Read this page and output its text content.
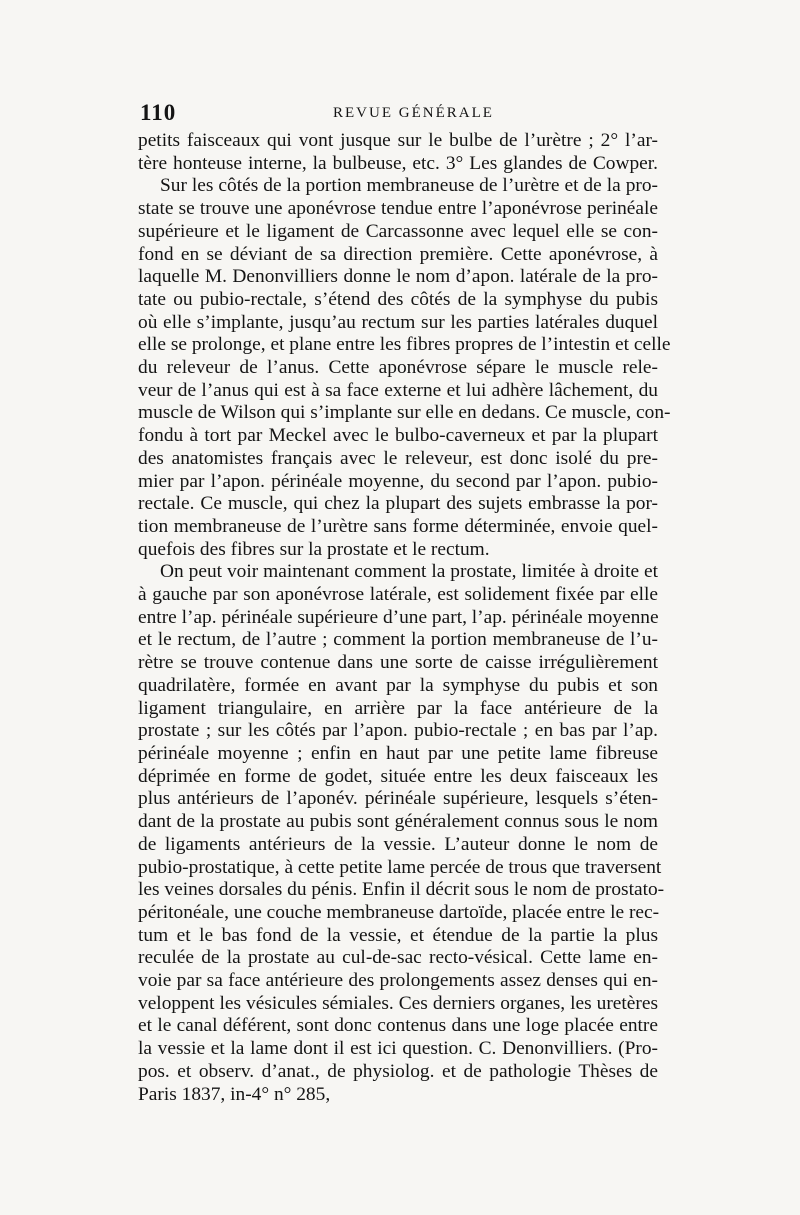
110	REVUE GÉNÉRALE
petits faisceaux qui vont jusque sur le bulbe de l’urètre ; 2° l’ar-
tère honteuse interne, la bulbeuse, etc. 3° Les glandes de Cowper.
Sur les côtés de la portion membraneuse de l’urètre et de la pro-
state se trouve une aponévrose tendue entre l’aponévrose perinéale
supérieure et le ligament de Carcassonne avec lequel elle se con-
fond en se déviant de sa direction première. Cette aponévrose, à
laquelle M. Denonvilliers donne le nom d’apon. latérale de la pro-
tate ou pubio-rectale, s’étend des côtés de la symphyse du pubis
où elle s’implante, jusqu’au rectum sur les parties latérales duquel
elle se prolonge, et plane entre les fibres propres de l’intestin et celle
du releveur de l’anus. Cette aponévrose sépare le muscle rele-
veur de l’anus qui est à sa face externe et lui adhère lâchement, du
muscle de Wilson qui s’implante sur elle en dedans. Ce muscle, con-
fondu à tort par Meckel avec le bulbo-caverneux et par la plupart
des anatomistes français avec le releveur, est donc isolé du pre-
mier par l’apon. périnéale moyenne, du second par l’apon. pubio-
rectale. Ce muscle, qui chez la plupart des sujets embrasse la por-
tion membraneuse de l’urètre sans forme déterminée, envoie quel-
quefois des fibres sur la prostate et le rectum.
On peut voir maintenant comment la prostate, limitée à droite et
à gauche par son aponévrose latérale, est solidement fixée par elle
entre l’ap. périnéale supérieure d’une part, l’ap. périnéale moyenne
et le rectum, de l’autre ; comment la portion membraneuse de l’u-
rètre se trouve contenue dans une sorte de caisse irrégulièrement
quadrilatère, formée en avant par la symphyse du pubis et son
ligament triangulaire, en arrière par la face antérieure de la
prostate ; sur les côtés par l’apon. pubio-rectale ; en bas par l’ap.
périnéale moyenne ; enfin en haut par une petite lame fibreuse
déprimée en forme de godet, située entre les deux faisceaux les
plus antérieurs de l’aponév. périnéale supérieure, lesquels s’éten-
dant de la prostate au pubis sont généralement connus sous le nom
de ligaments antérieurs de la vessie. L’auteur donne le nom de
pubio-prostatique, à cette petite lame percée de trous que traversent
les veines dorsales du pénis. Enfin il décrit sous le nom de prostato-
péritonéale, une couche membraneuse dartoïde, placée entre le rec-
tum et le bas fond de la vessie, et étendue de la partie la plus
reculée de la prostate au cul-de-sac recto-vésical. Cette lame en-
voie par sa face antérieure des prolongements assez denses qui en-
veloppent les vésicules sémiales. Ces derniers organes, les uretères
et le canal déférent, sont donc contenus dans une loge placée entre
la vessie et la lame dont il est ici question. C. Denonvilliers. (Pro-
pos. et observ. d’anat., de physiolog. et de pathologie Thèses de
Paris 1837, in-4° n° 285,
